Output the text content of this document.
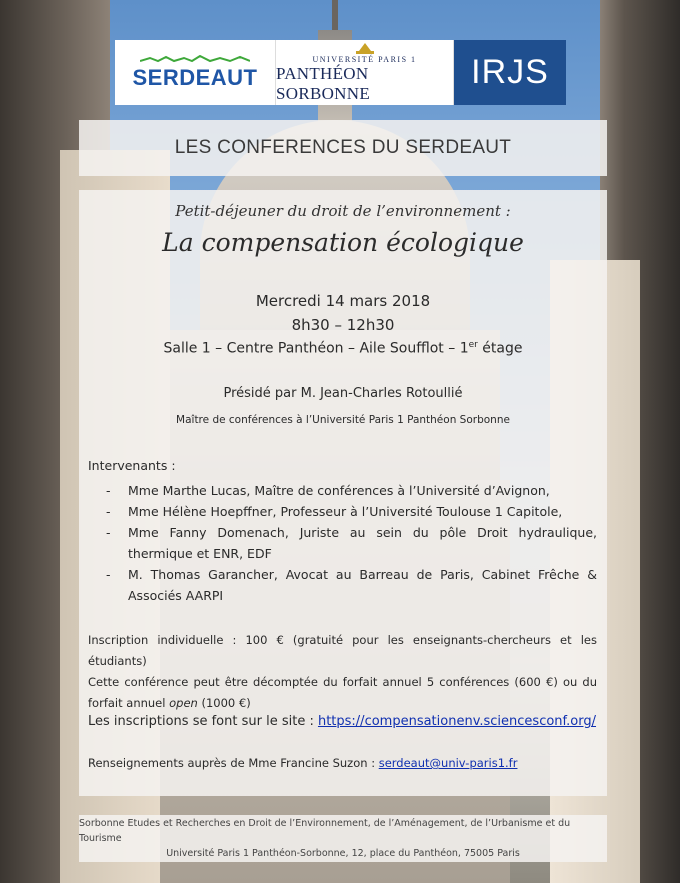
SERDEAUT
UNIVERSITÉ PARIS 1
PANTHÉON SORBONNE
IRJS
LES CONFERENCES DU SERDEAUT
Petit-déjeuner du droit de l’environnement :
La compensation écologique
Mercredi 14 mars 2018
8h30 – 12h30
Salle 1 – Centre Panthéon – Aile Soufflot – 1er étage
Présidé par M. Jean-Charles Rotoullié
Maître de conférences à l’Université Paris 1 Panthéon Sorbonne
Intervenants :
- Mme Marthe Lucas, Maître de conférences à l’Université d’Avignon,
- Mme Hélène Hoepffner, Professeur à l’Université Toulouse 1 Capitole,
- Mme Fanny Domenach, Juriste au sein du pôle Droit hydraulique, thermique et ENR, EDF
- M. Thomas Garancher, Avocat au Barreau de Paris, Cabinet Frêche & Associés AARPI
Inscription individuelle : 100 € (gratuité pour les enseignants-chercheurs et les étudiants)
Cette conférence peut être décomptée du forfait annuel 5 conférences (600 €) ou du forfait annuel open (1000 €)
Les inscriptions se font sur le site : https://compensationenv.sciencesconf.org/
Renseignements auprès de Mme Francine Suzon : serdeaut@univ-paris1.fr
Sorbonne Etudes et Recherches en Droit de l’Environnement, de l’Aménagement, de l’Urbanisme et du Tourisme
Université Paris 1 Panthéon-Sorbonne, 12, place du Panthéon, 75005 Paris
